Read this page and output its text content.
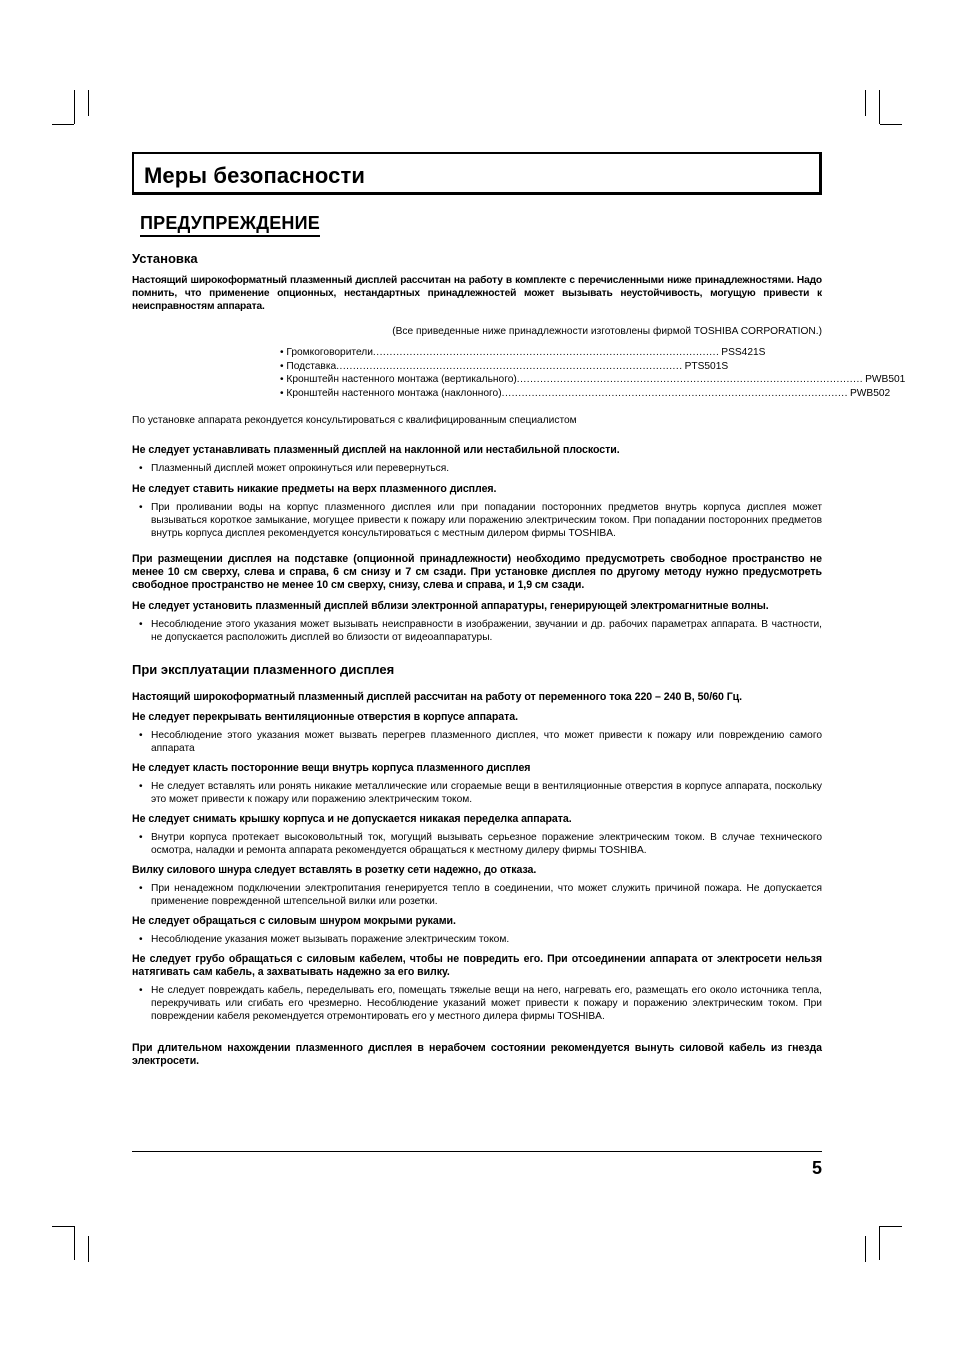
Меры безопасности
ПРЕДУПРЕЖДЕНИЕ
Установка
Настоящий широкоформатный плазменный дисплей рассчитан на работу в комплекте с перечисленными ниже принадлежностями. Надо помнить, что применение опционных, нестандартных принадлежностей может вызывать неустойчивость, могущую привести к неисправностям аппарата.
(Все приведенные ниже принадлежности изготовлены фирмой TOSHIBA CORPORATION.)
• Громкоговорители ........................................................................................................ PSS421S
• Подставка ........................................................................................................ PTS501S
• Кронштейн настенного монтажа (вертикального) ........................................................................................................ PWB501
• Кронштейн настенного монтажа (наклонного) ........................................................................................................ PWB502
По установке аппарата рекондуется консультироваться с квалифицированным специалистом
Не следует устанавливать плазменный дисплей на наклонной или нестабильной плоскости.
• Плазменный дисплей может опрокинуться или перевернуться.
Не следует ставить никакие предметы на верх плазменного дисплея.
• При проливании воды на корпус плазменного дисплея или при попадании посторонних предметов внутрь корпуса дисплея может вызываться короткое замыкание, могущее привести к пожару или поражению электрическим током. При попадании посторонних предметов внутрь корпуса дисплея рекомендуется консультироваться с местным дилером фирмы TOSHIBA.
При размещении дисплея на подставке (опционной принадлежности) необходимо предусмотреть свободное пространство не менее 10 см сверху, слева и справа, 6 см снизу и 7 см сзади. При установке дисплея по другому методу нужно предусмотреть свободное пространство не менее 10 см сверху, снизу, слева и справа, и 1,9 см сзади.
Не следует установить плазменный дисплей вблизи электронной аппаратуры, генерирующей электромагнитные волны.
• Несоблюдение этого указания может вызывать неисправности в изображении, звучании и др. рабочих параметрах аппаратa. В частности, не допускается расположить дисплей во близости от видеоаппаратуры.
При эксплуатации плазменного дисплея
Настоящий широкоформатный плазменный дисплей рассчитан на работу от переменного тока 220 – 240 В, 50/60 Гц.
Не следует перекрывать вентиляционные отверстия в корпусе аппарата.
• Несоблюдение этого указания может вызвать перегрев плазменного дисплея, что может привести к пожару или повреждению самого аппарата
Не следует класть посторонние вещи внутрь корпуса плазменного дисплея
• Не следует вставлять или ронять никакие металлические или сгораемые вещи в вентиляционные отверстия в корпусе аппарата, поскольку это может привести к пожару или поражению электрическим током.
Не следует снимать крышку корпуса и не допускается никакая переделка аппарата.
• Внутри корпуса протекает высоковольтный ток, могущий вызывать серьезное поражение электрическим током. В случае технического осмотра, наладки и ремонта аппарата рекомендуется обращаться к местному дилеру фирмы TOSHIBA.
Вилку силового шнура следует вставлять в розетку сети надежно, до отказа.
• При ненадежном подключении электропитания генерируется тепло в соединении, что может служить причиной пожара. Не допускается применение поврежденной штепсельной вилки или розетки.
Не следует обращаться с силовым шнуром мокрыми руками.
• Несоблюдение указания может вызывать поражение электрическим током.
Не следует грубо обращаться с силовым кабелем, чтобы не повредить его. При отсоединении аппарата от электросети нельзя натягивать сам кабель, а захватывать надежно за его вилку.
• Не следует повреждать кабель, переделывать его, помещать тяжелые вещи на него, нагревать его, размещать его около источника тепла, перекручивать или сгибать его чрезмерно. Несоблюдение указаний может привести к пожару и поражению электрическим током. При повреждении кабеля рекомендуется отремонтировать его у местного дилера фирмы TOSHIBA.
При длительном нахождении плазменного дисплея в нерабочем состоянии рекомендуется вынуть силовой кабель из гнезда электросети.
5
